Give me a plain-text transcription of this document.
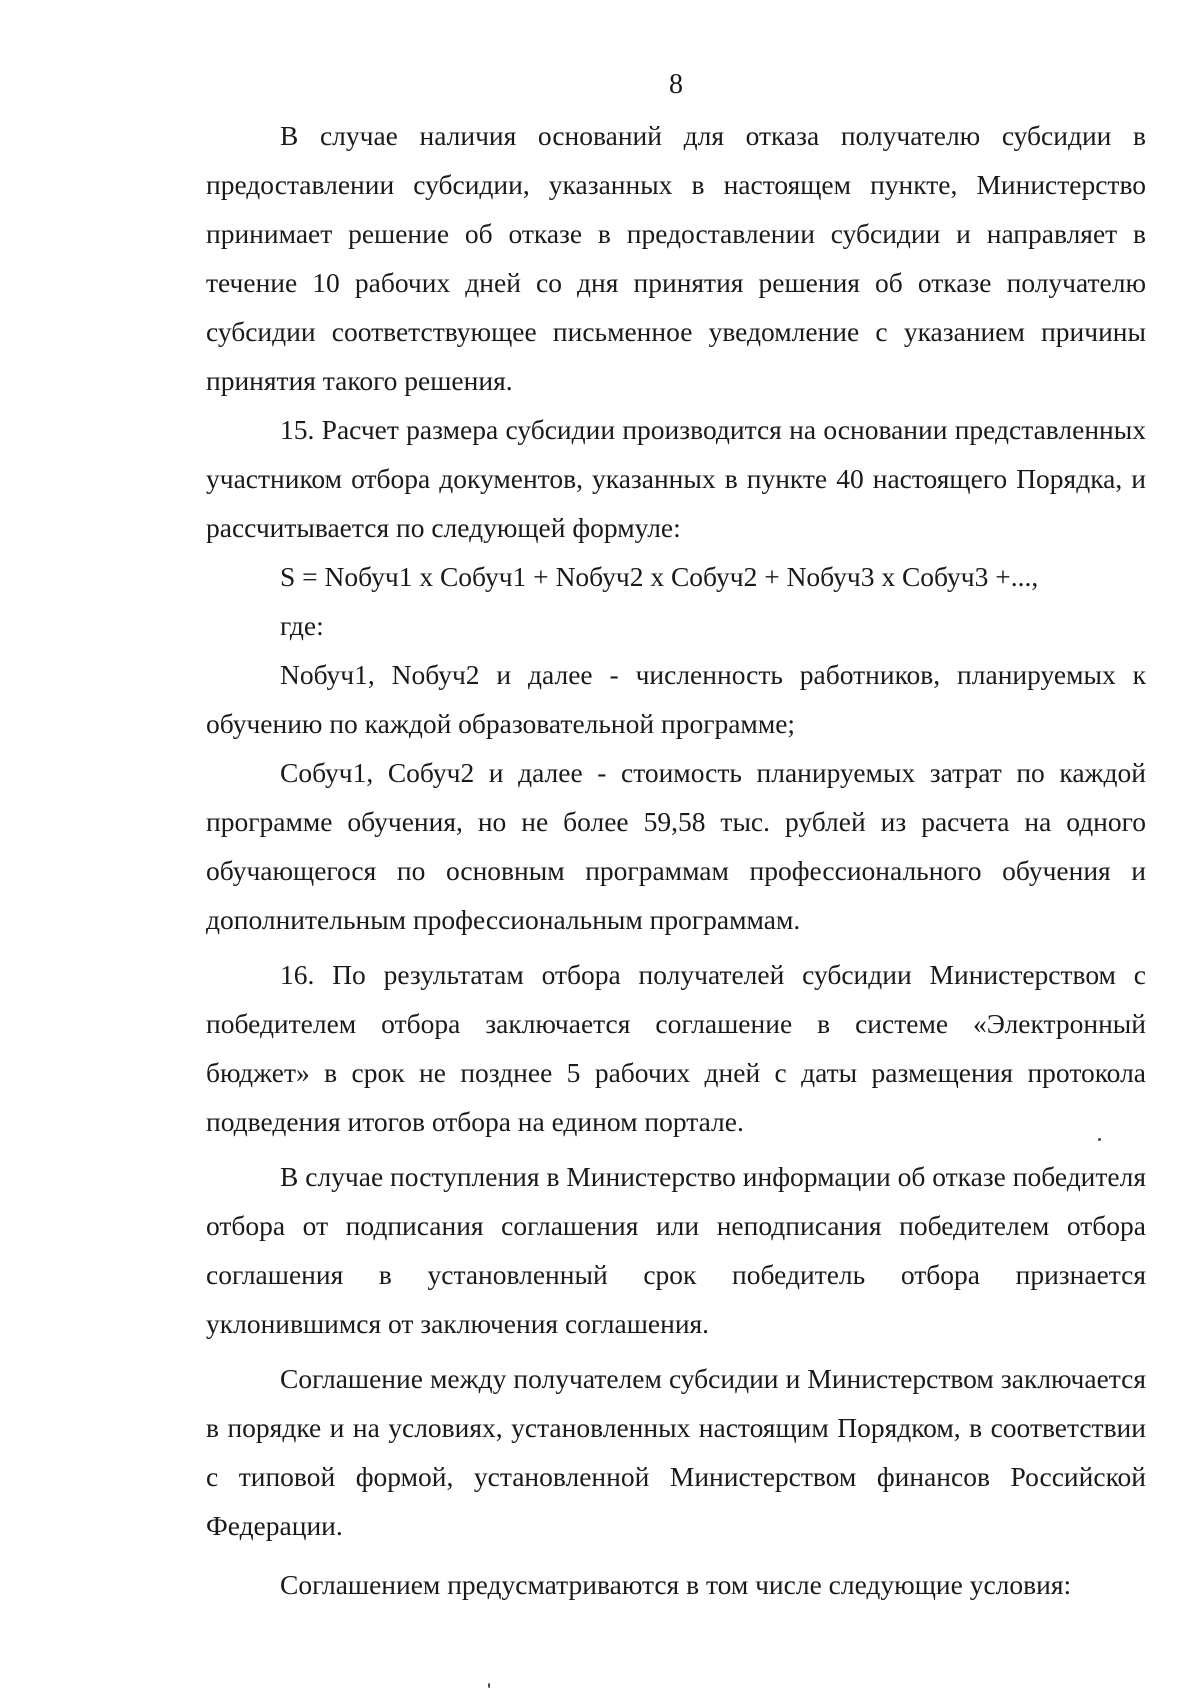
8

В случае наличия оснований для отказа получателю субсидии в предоставлении субсидии, указанных в настоящем пункте, Министерство принимает решение об отказе в предоставлении субсидии и направляет в течение 10 рабочих дней со дня принятия решения об отказе получателю субсидии соответствующее письменное уведомление с указанием причины принятия такого решения.

15. Расчет размера субсидии производится на основании представленных участником отбора документов, указанных в пункте 40 настоящего Порядка, и рассчитывается по следующей формуле:

S = Nобуч1 x Собуч1 + Nобуч2 x Собуч2 + Nобуч3 x Собуч3 +...,

где:

Nобуч1, Nобуч2 и далее - численность работников, планируемых к обучению по каждой образовательной программе;

Собуч1, Собуч2 и далее - стоимость планируемых затрат по каждой программе обучения, но не более 59,58 тыс. рублей из расчета на одного обучающегося по основным программам профессионального обучения и дополнительным профессиональным программам.

16. По результатам отбора получателей субсидии Министерством с победителем отбора заключается соглашение в системе «Электронный бюджет» в срок не позднее 5 рабочих дней с даты размещения протокола подведения итогов отбора на едином портале.

В случае поступления в Министерство информации об отказе победителя отбора от подписания соглашения или неподписания победителем отбора соглашения в установленный срок победитель отбора признается уклонившимся от заключения соглашения.

Соглашение между получателем субсидии и Министерством заключается в порядке и на условиях, установленных настоящим Порядком, в соответствии с типовой формой, установленной Министерством финансов Российской Федерации.

Соглашением предусматриваются в том числе следующие условия:
